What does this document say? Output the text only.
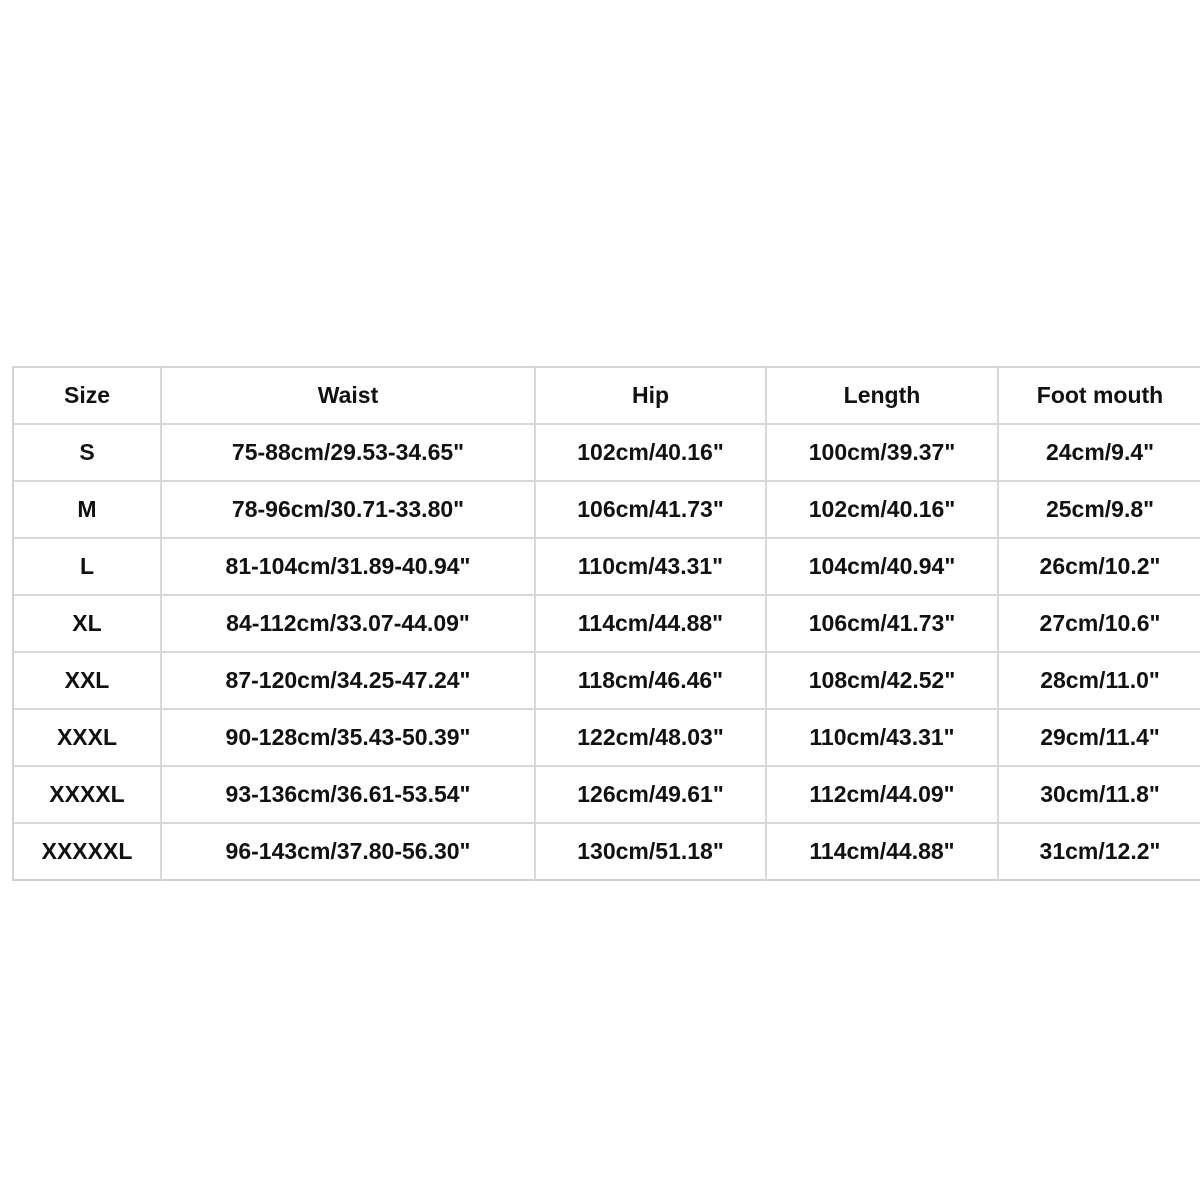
Size	Waist	Hip	Length	Foot mouth
S	75-88cm/29.53-34.65"	102cm/40.16"	100cm/39.37"	24cm/9.4"
M	78-96cm/30.71-33.80"	106cm/41.73"	102cm/40.16"	25cm/9.8"
L	81-104cm/31.89-40.94"	110cm/43.31"	104cm/40.94"	26cm/10.2"
XL	84-112cm/33.07-44.09"	114cm/44.88"	106cm/41.73"	27cm/10.6"
XXL	87-120cm/34.25-47.24"	118cm/46.46"	108cm/42.52"	28cm/11.0"
XXXL	90-128cm/35.43-50.39"	122cm/48.03"	110cm/43.31"	29cm/11.4"
XXXXL	93-136cm/36.61-53.54"	126cm/49.61"	112cm/44.09"	30cm/11.8"
XXXXXL	96-143cm/37.80-56.30"	130cm/51.18"	114cm/44.88"	31cm/12.2"
